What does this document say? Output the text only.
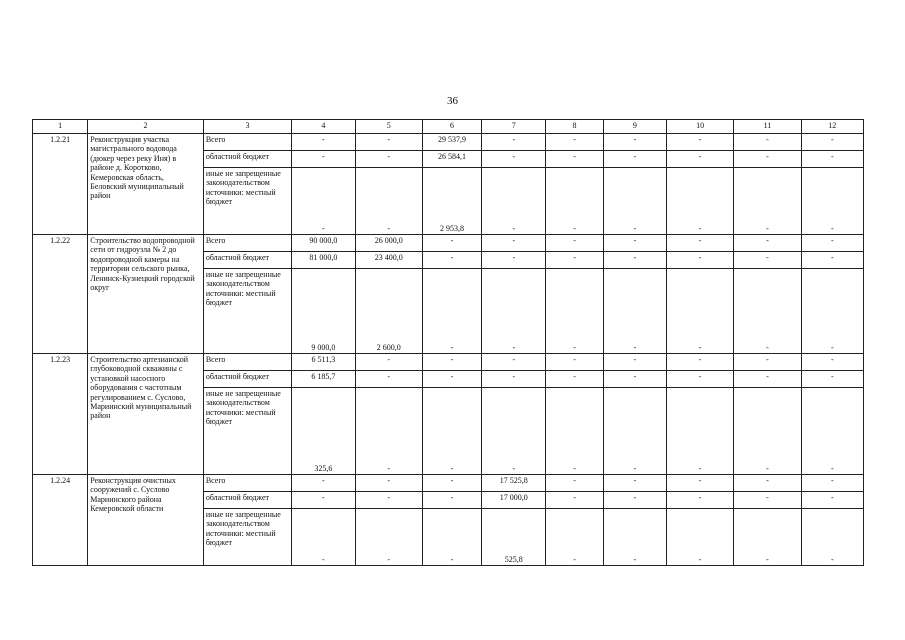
36
1	2	3	4	5	6	7	8	9	10	11	12
1.2.21	Реконструкция участка магистрального водовода (дюкер через реку Иня) в районе д. Коротково, Кемеровская область, Беловский муниципальный район	Всего	-	-	29 537,9	-	-	-	-	-	-
		областной бюджет	-	-	26 584,1	-	-	-	-	-	-
		иные не запрещенные законодательством источники: местный бюджет	-	-	2 953,8	-	-	-	-	-	-
1.2.22	Строительство водопроводной сети от гидроузла № 2 до водопроводной камеры на территории сельского рынка, Ленинск-Кузнецкий городской округ	Всего	90 000,0	26 000,0	-	-	-	-	-	-	-
		областной бюджет	81 000,0	23 400,0	-	-	-	-	-	-	-
		иные не запрещенные законодательством источники: местный бюджет	9 000,0	2 600,0	-	-	-	-	-	-	-
1.2.23	Строительство артезианской глубоководной скважины с установкой насосного оборудования с частотным регулированием с. Суслово, Мариинский муниципальный район	Всего	6 511,3	-	-	-	-	-	-	-	-
		областной бюджет	6 185,7	-	-	-	-	-	-	-	-
		иные не запрещенные законодательством источники: местный бюджет	325,6	-	-	-	-	-	-	-	-
1.2.24	Реконструкция очистных сооружений с. Суслово Мариинского района Кемеровской области	Всего	-	-	-	17 525,8	-	-	-	-	-
		областной бюджет	-	-	-	17 000,0	-	-	-	-	-
		иные не запрещенные законодательством источники: местный бюджет	-	-	-	525,8	-	-	-	-	-
